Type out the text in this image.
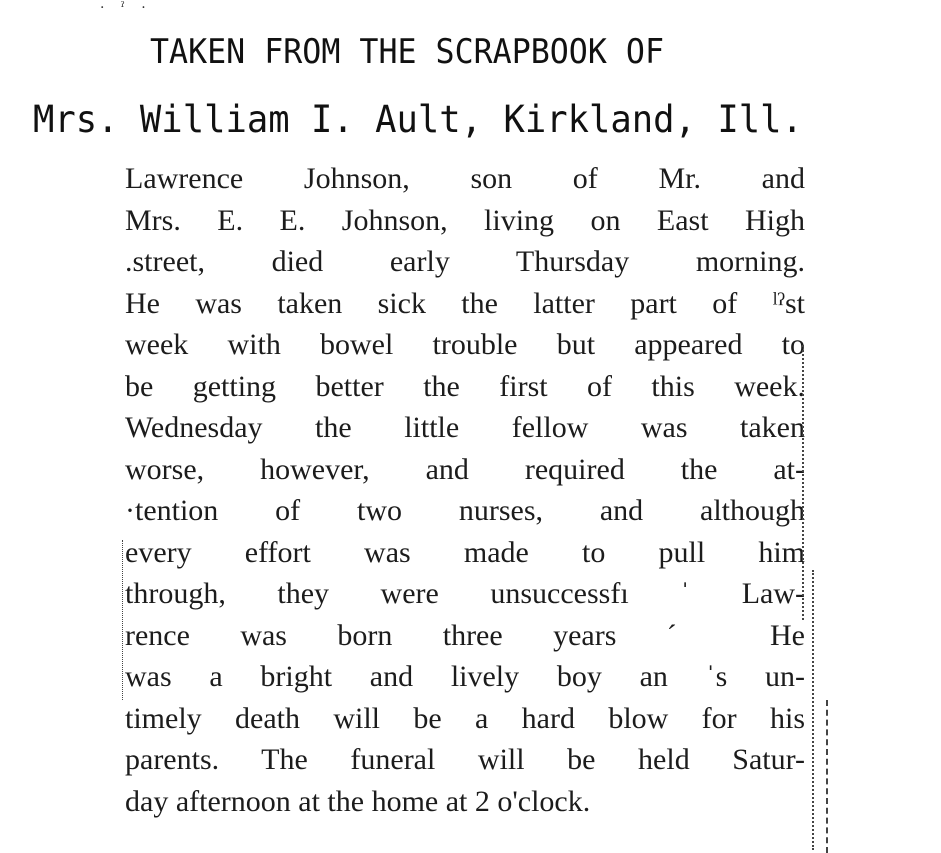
· ˀ ·
TAKEN FROM THE SCRAPBOOK OF
Mrs. William I. Ault, Kirkland, Ill.
Lawrence Johnson, son of Mr. and
Mrs. E. E. Johnson, living on East High
.street, died early Thursday morning.
He was taken sick the latter part of ˡˀst
week with bowel trouble but appeared to
be getting better the first of this week.
Wednesday the little fellow was taken
worse, however, and required the at-
·tention of two nurses, and although
every effort was made to pull him
through, they were unsuccessfı ˈ Law-
rence was born three years ˊ He
was a bright and lively boy an ˈs un-
timely death will be a hard blow for his
parents. The funeral will be held Satur-
day afternoon at the home at 2 o'clock.
